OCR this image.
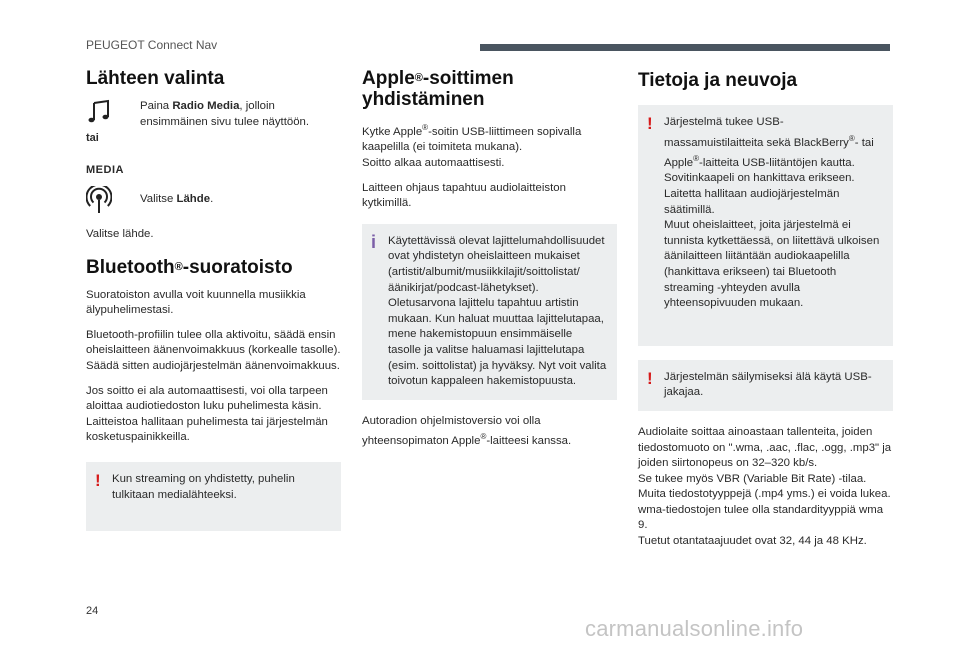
PEUGEOT Connect Nav
Lähteen valinta
tai
MEDIA
Paina Radio Media, jolloin ensimmäinen sivu tulee näyttöön.
Valitse Lähde.

Valitse lähde.

Bluetooth®-suoratoisto

Suoratoiston avulla voit kuunnella musiikkia älypuhelimestasi.

Bluetooth-profiilin tulee olla aktivoitu, säädä ensin oheislaitteen äänenvoimakkuus (korkealle tasolle).
Säädä sitten audiojärjestelmän äänenvoimakkuus.

Jos soitto ei ala automaattisesti, voi olla tarpeen aloittaa audiotiedoston luku puhelimesta käsin.
Laitteistoa hallitaan puhelimesta tai järjestelmän kosketuspainikkeilla.

! Kun streaming on yhdistetty, puhelin tulkitaan medialähteeksi.
Apple®-soittimen
yhdistäminen

Kytke Apple®-soitin USB-liittimeen sopivalla kaapelilla (ei toimiteta mukana).
Soitto alkaa automaattisesti.

Laitteen ohjaus tapahtuu audiolaitteiston kytkimillä.

i Käytettävissä olevat lajittelumahdollisuudet ovat yhdistetyn oheislaitteen mukaiset (artistit/albumit/musiikkilajit/soittolistat/äänikirjat/podcast-lähetykset).
Oletusarvona lajittelu tapahtuu artistin mukaan. Kun haluat muuttaa lajittelutapaa, mene hakemistopuun ensimmäiselle tasolle ja valitse haluamasi lajittelutapa (esim. soittolistat) ja hyväksy. Nyt voit valita toivotun kappaleen hakemistopuusta.

Autoradion ohjelmistoversio voi olla yhteensopimaton Apple®-laitteesi kanssa.

Tietoja ja neuvoja
! Järjestelmä tukee USB-massamuistilaitteita sekä BlackBerry®- tai Apple®-laitteita USB-liitäntöjen kautta. Sovitinkaapeli on hankittava erikseen.
Laitetta hallitaan audiojärjestelmän säätimillä.
Muut oheislaitteet, joita järjestelmä ei tunnista kytkettäessä, on liitettävä ulkoisen äänilaitteen liitäntään audiokaapelilla (hankittava erikseen) tai Bluetooth streaming -yhteyden avulla yhteensopivuuden mukaan.
! Järjestelmän säilymiseksi älä käytä USB-jakajaa.

Audiolaite soittaa ainoastaan tallenteita, joiden tiedostomuoto on ".wma, .aac, .flac, .ogg, .mp3" ja joiden siirtonopeus on 32–320 kb/s.
Se tukee myös VBR (Variable Bit Rate) -tilaa.
Muita tiedostotyyppejä (.mp4 yms.) ei voida lukea.
wma-tiedostojen tulee olla standardityyppiä wma 9.
Tuetut otantataajuudet ovat 32, 44 ja 48 KHz.

24
carmanualsonline.info
